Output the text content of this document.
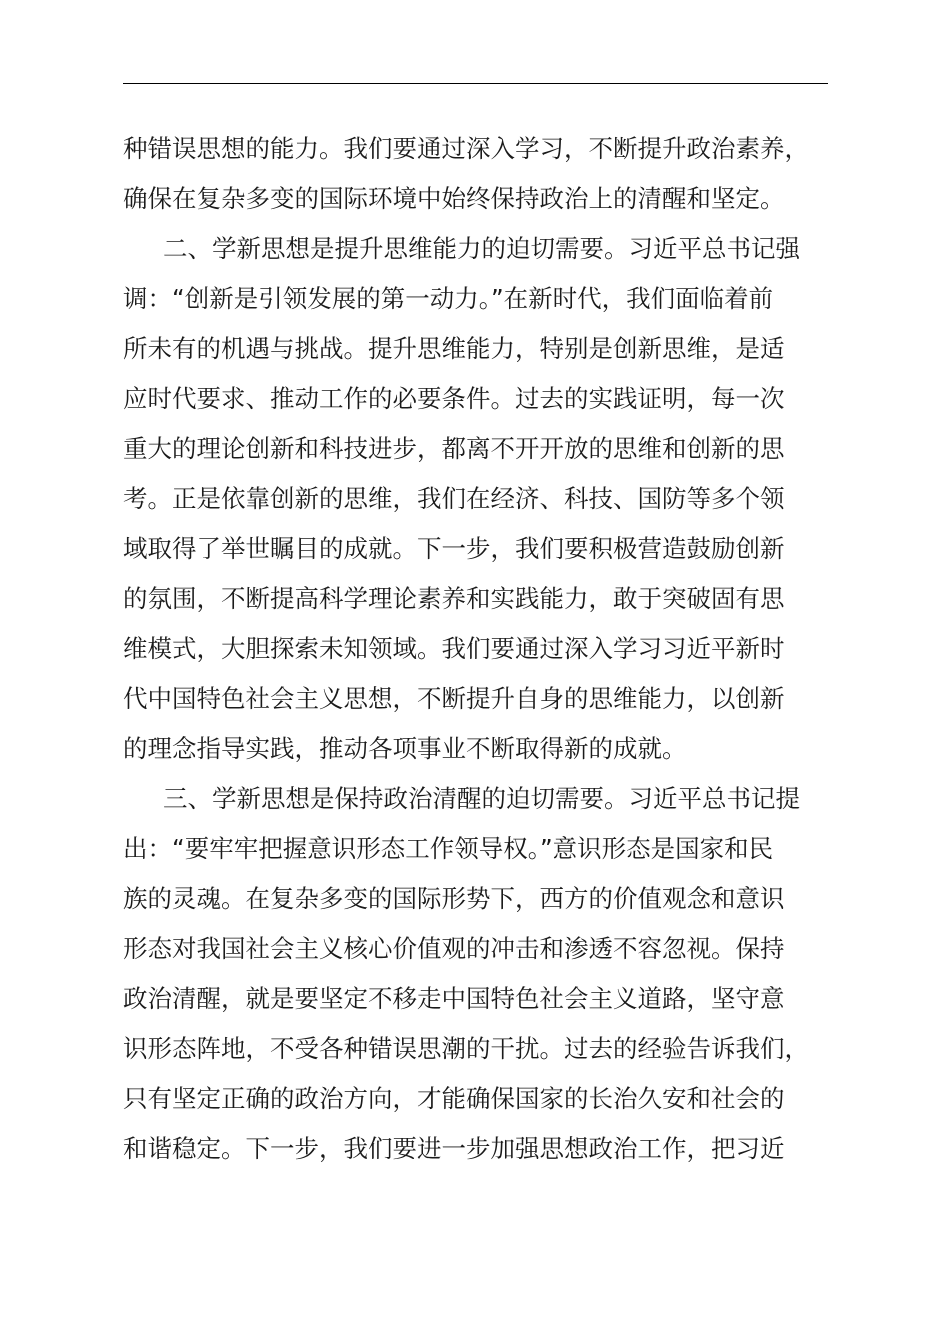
种错误思想的能力。我们要通过深入学习，不断提升政治素养，
确保在复杂多变的国际环境中始终保持政治上的清醒和坚定。
二、学新思想是提升思维能力的迫切需要。习近平总书记强
调：“创新是引领发展的第一动力。”在新时代，我们面临着前
所未有的机遇与挑战。提升思维能力，特别是创新思维，是适
应时代要求、推动工作的必要条件。过去的实践证明，每一次
重大的理论创新和科技进步，都离不开开放的思维和创新的思
考。正是依靠创新的思维，我们在经济、科技、国防等多个领
域取得了举世瞩目的成就。下一步，我们要积极营造鼓励创新
的氛围，不断提高科学理论素养和实践能力，敢于突破固有思
维模式，大胆探索未知领域。我们要通过深入学习习近平新时
代中国特色社会主义思想，不断提升自身的思维能力，以创新
的理念指导实践，推动各项事业不断取得新的成就。
三、学新思想是保持政治清醒的迫切需要。习近平总书记提
出：“要牢牢把握意识形态工作领导权。”意识形态是国家和民
族的灵魂。在复杂多变的国际形势下，西方的价值观念和意识
形态对我国社会主义核心价值观的冲击和渗透不容忽视。保持
政治清醒，就是要坚定不移走中国特色社会主义道路，坚守意
识形态阵地，不受各种错误思潮的干扰。过去的经验告诉我们，
只有坚定正确的政治方向，才能确保国家的长治久安和社会的
和谐稳定。下一步，我们要进一步加强思想政治工作，把习近
